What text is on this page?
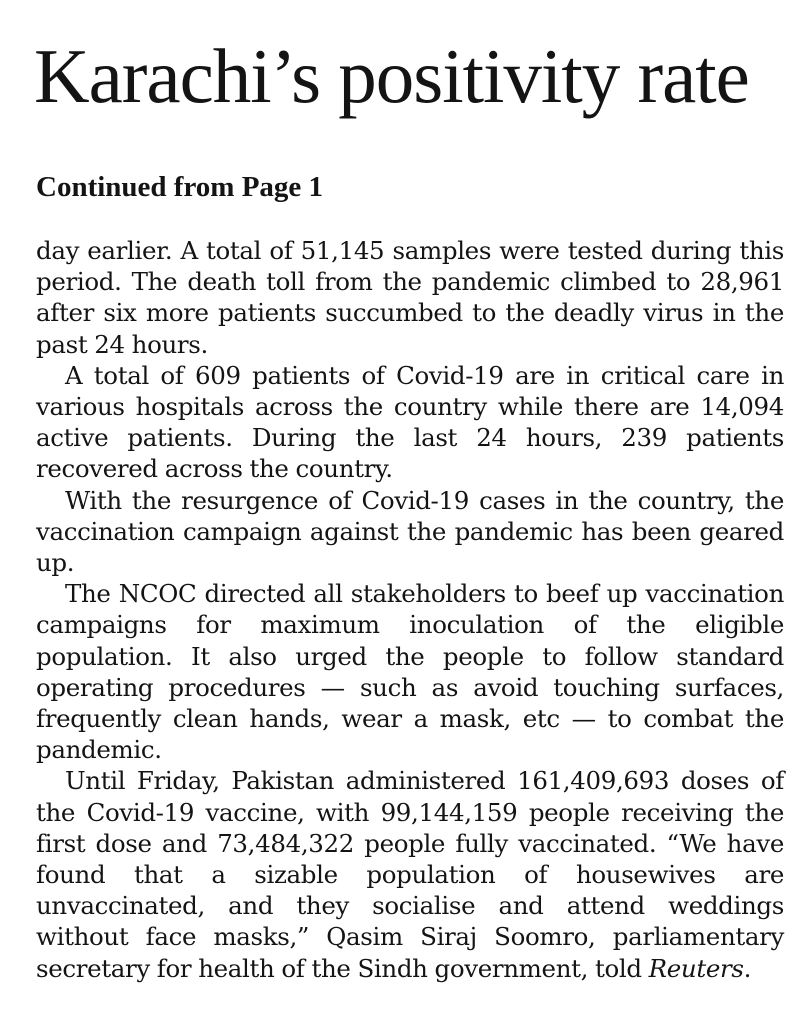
Karachi’s positivity rate
Continued from Page 1

day earlier. A total of 51,145 samples were tested during this period. The death toll from the pandemic climbed to 28,961 after six more patients succumbed to the deadly virus in the past 24 hours.

A total of 609 patients of Covid-19 are in critical care in various hospitals across the country while there are 14,094 active patients. During the last 24 hours, 239 patients recovered across the country.

With the resurgence of Covid-19 cases in the country, the vaccination campaign against the pandemic has been geared up.

The NCOC directed all stakeholders to beef up vaccination campaigns for maximum inoculation of the eligible population. It also urged the people to follow standard operating procedures — such as avoid touching surfaces, frequently clean hands, wear a mask, etc — to combat the pandemic.

Until Friday, Pakistan administered 161,409,693 doses of the Covid-19 vaccine, with 99,144,159 people receiving the first dose and 73,484,322 people fully vaccinated. “We have found that a sizable population of housewives are unvaccinated, and they socialise and attend weddings without face masks,” Qasim Siraj Soomro, parliamentary secretary for health of the Sindh government, told Reuters.
